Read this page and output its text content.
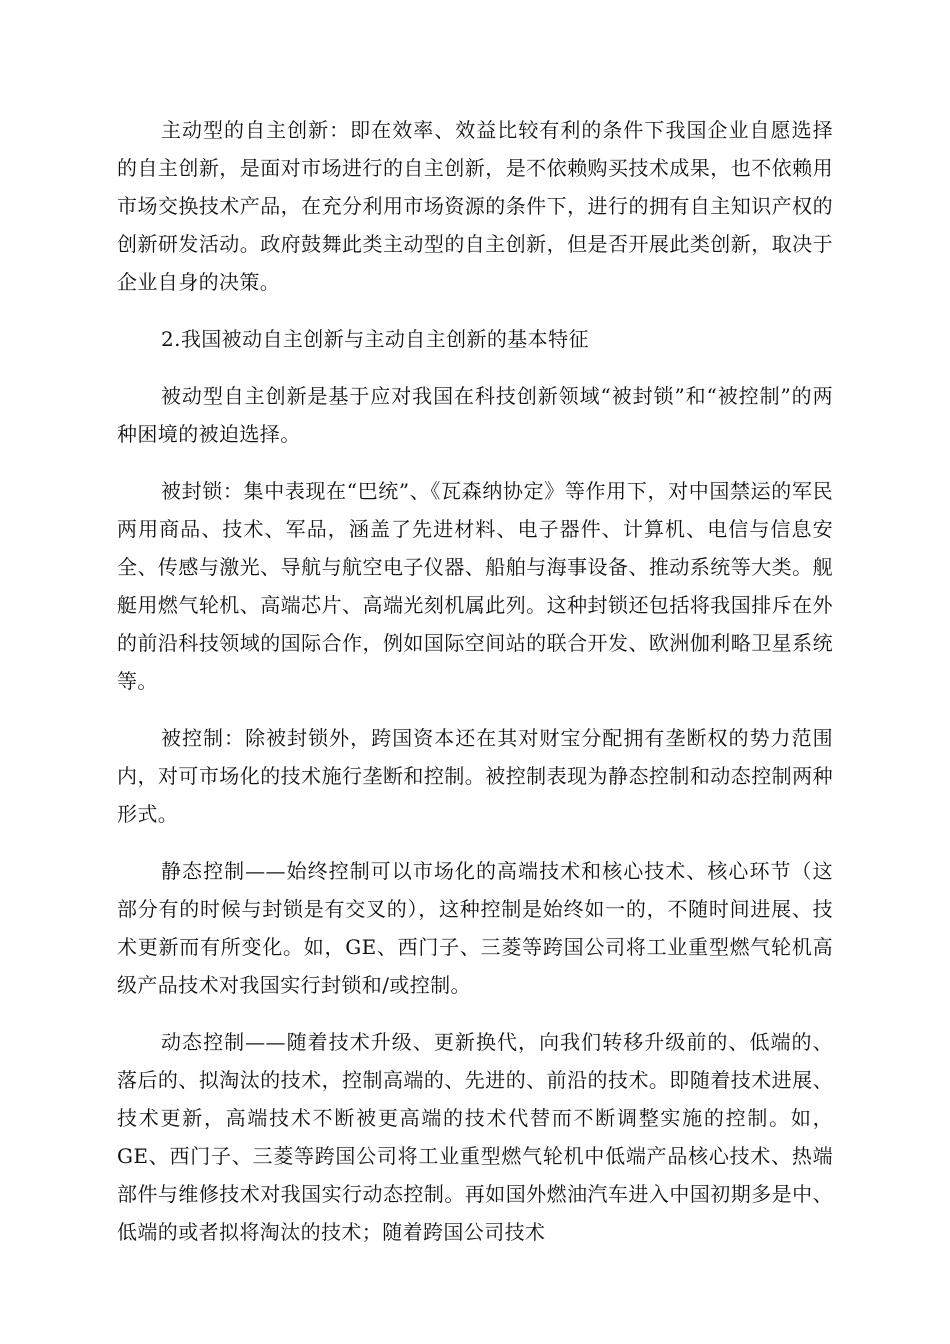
主动型的自主创新：即在效率、效益比较有利的条件下我国企业自愿选择的自主创新，是面对市场进行的自主创新，是不依赖购买技术成果，也不依赖用市场交换技术产品，在充分利用市场资源的条件下，进行的拥有自主知识产权的创新研发活动。政府鼓舞此类主动型的自主创新，但是否开展此类创新，取决于企业自身的决策。

2.我国被动自主创新与主动自主创新的基本特征

被动型自主创新是基于应对我国在科技创新领域“被封锁”和“被控制”的两种困境的被迫选择。

被封锁：集中表现在“巴统”、《瓦森纳协定》等作用下，对中国禁运的军民两用商品、技术、军品，涵盖了先进材料、电子器件、计算机、电信与信息安全、传感与激光、导航与航空电子仪器、船舶与海事设备、推动系统等大类。舰艇用燃气轮机、高端芯片、高端光刻机属此列。这种封锁还包括将我国排斥在外的前沿科技领域的国际合作，例如国际空间站的联合开发、欧洲伽利略卫星系统等。

被控制：除被封锁外，跨国资本还在其对财宝分配拥有垄断权的势力范围内，对可市场化的技术施行垄断和控制。被控制表现为静态控制和动态控制两种形式。

静态控制——始终控制可以市场化的高端技术和核心技术、核心环节（这部分有的时候与封锁是有交叉的），这种控制是始终如一的，不随时间进展、技术更新而有所变化。如，GE、西门子、三菱等跨国公司将工业重型燃气轮机高级产品技术对我国实行封锁和/或控制。

动态控制——随着技术升级、更新换代，向我们转移升级前的、低端的、落后的、拟淘汰的技术，控制高端的、先进的、前沿的技术。即随着技术进展、技术更新，高端技术不断被更高端的技术代替而不断调整实施的控制。如，GE、西门子、三菱等跨国公司将工业重型燃气轮机中低端产品核心技术、热端部件与维修技术对我国实行动态控制。再如国外燃油汽车进入中国初期多是中、低端的或者拟将淘汰的技术；随着跨国公司技术
